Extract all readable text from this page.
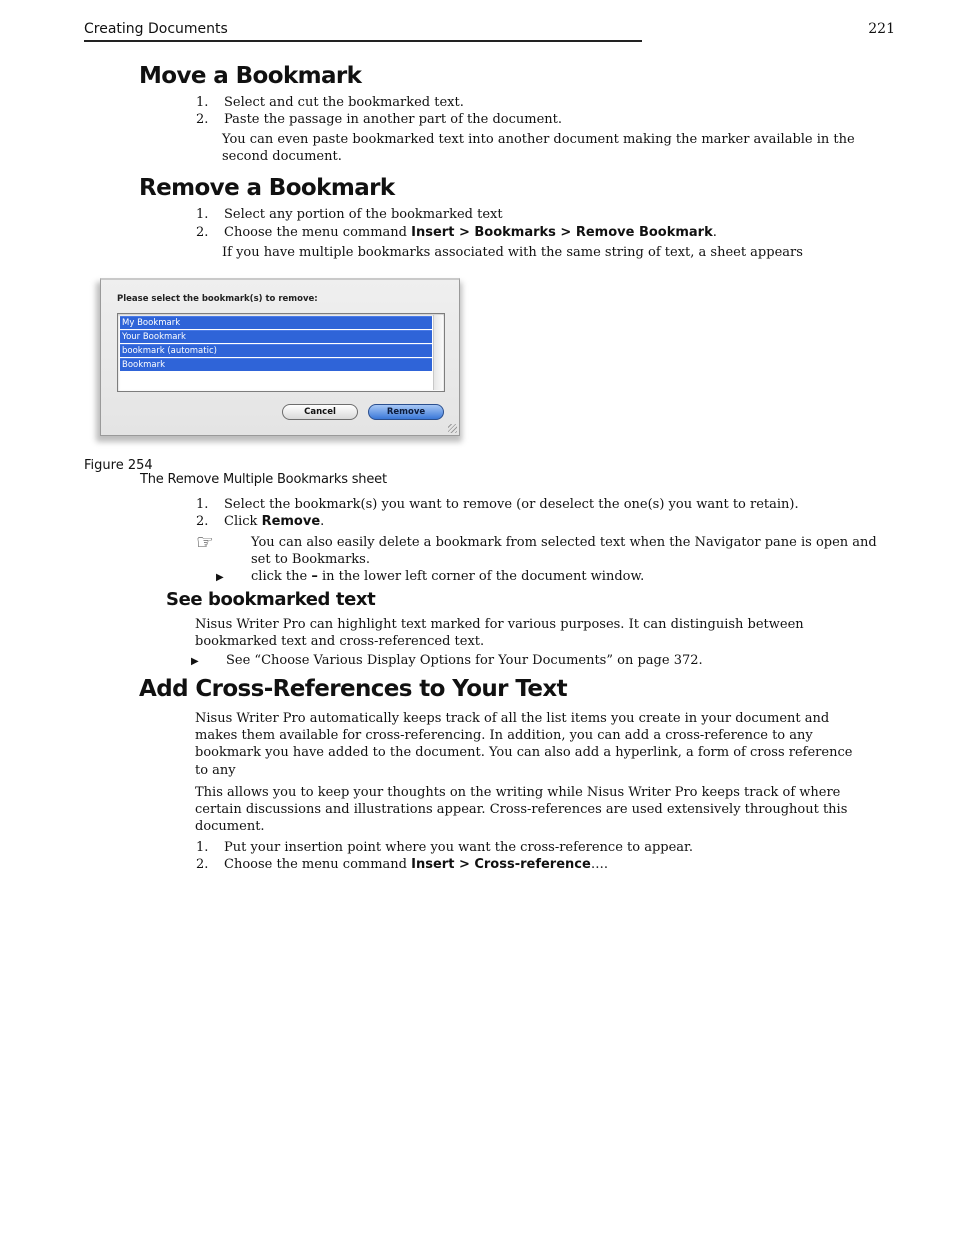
Creating Documents	221
Move a Bookmark
1. Select and cut the bookmarked text.
2. Paste the passage in another part of the document.
You can even paste bookmarked text into another document making the marker available in the
second document.
Remove a Bookmark
1. Select any portion of the bookmarked text
2. Choose the menu command Insert > Bookmarks > Remove Bookmark.
If you have multiple bookmarks associated with the same string of text, a sheet appears
Please select the bookmark(s) to remove:
My Bookmark
Your Bookmark
bookmark (automatic)
Bookmark
Cancel	Remove
Figure 254
The Remove Multiple Bookmarks sheet
1. Select the bookmark(s) you want to remove (or deselect the one(s) you want to retain).
2. Click Remove.
☞	You can also easily delete a bookmark from selected text when the Navigator pane is open and
set to Bookmarks.
▶ click the – in the lower left corner of the document window.
See bookmarked text
Nisus Writer Pro can highlight text marked for various purposes. It can distinguish between
bookmarked text and cross-referenced text.
▶ See “Choose Various Display Options for Your Documents” on page 372.
Add Cross-References to Your Text
Nisus Writer Pro automatically keeps track of all the list items you create in your document and
makes them available for cross-referencing. In addition, you can add a cross-reference to any
bookmark you have added to the document. You can also add a hyperlink, a form of cross reference
to any
This allows you to keep your thoughts on the writing while Nisus Writer Pro keeps track of where
certain discussions and illustrations appear. Cross-references are used extensively throughout this
document.
1. Put your insertion point where you want the cross-reference to appear.
2. Choose the menu command Insert > Cross-reference….
